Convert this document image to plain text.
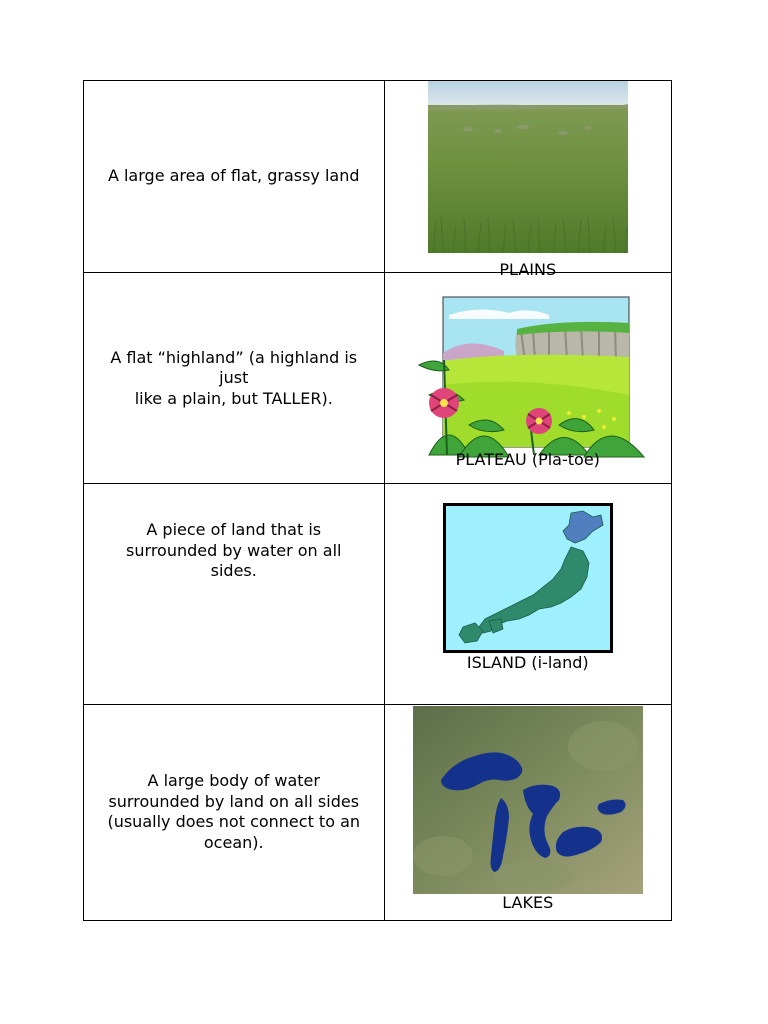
A large area of flat, grassy land	PLAINS

A flat “highland” (a highland is
just
like a plain, but TALLER).	PLATEAU (Pla-toe)

A piece of land that is
surrounded by water on all
sides.	ISLAND (i-land)

A large body of water
surrounded by land on all sides
(usually does not connect to an
ocean).	LAKES
